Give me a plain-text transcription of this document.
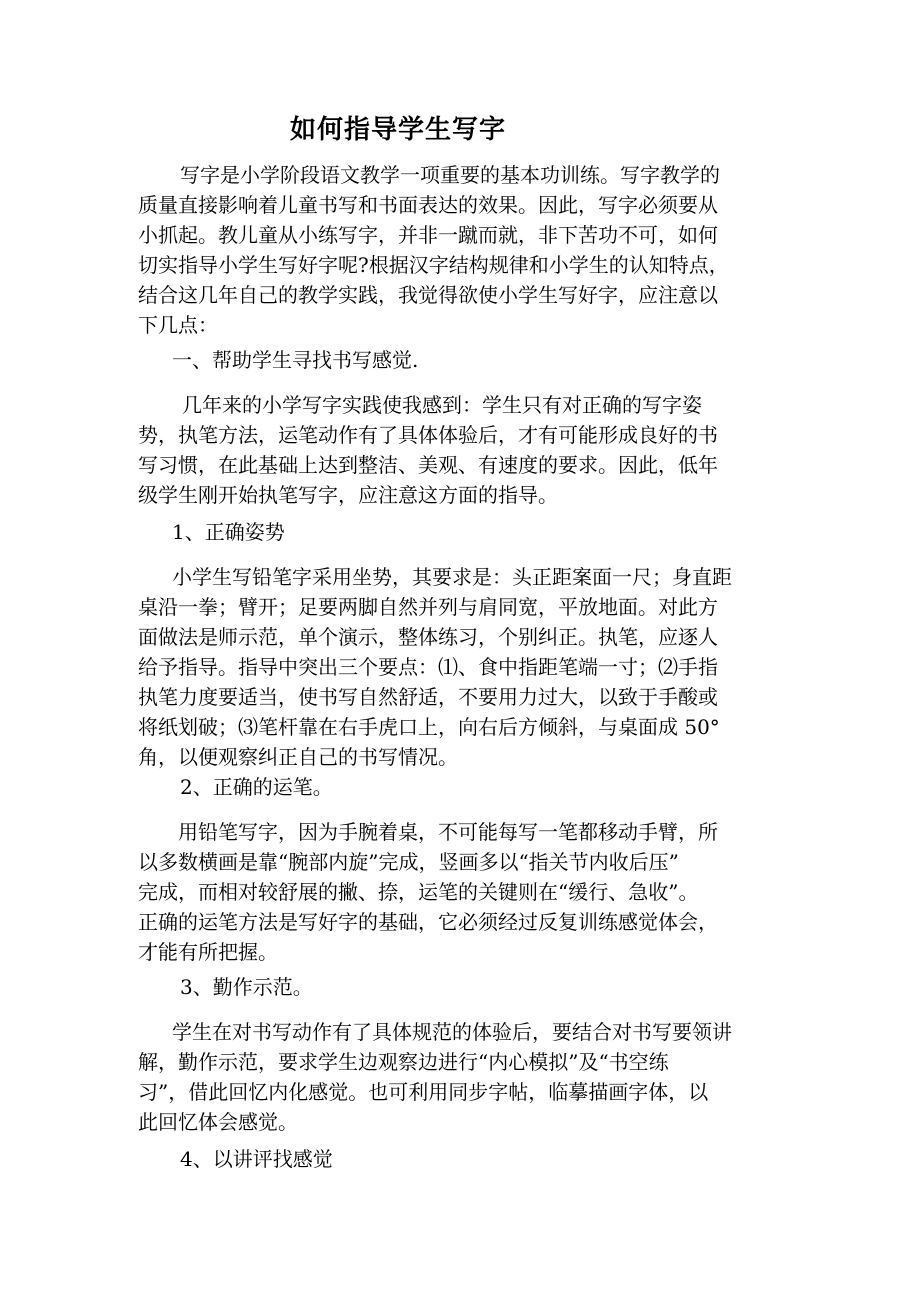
如何指导学生写字

写字是小学阶段语文教学一项重要的基本功训练。写字教学的

质量直接影响着儿童书写和书面表达的效果。因此，写字必须要从

小抓起。教儿童从小练写字，并非一蹴而就，非下苦功不可，如何

切实指导小学生写好字呢?根据汉字结构规律和小学生的认知特点，

结合这几年自己的教学实践，我觉得欲使小学生写好字，应注意以

下几点：

一、帮助学生寻找书写感觉.

几年来的小学写字实践使我感到：学生只有对正确的写字姿

势，执笔方法，运笔动作有了具体体验后，才有可能形成良好的书

写习惯，在此基础上达到整洁、美观、有速度的要求。因此，低年

级学生刚开始执笔写字，应注意这方面的指导。

1、正确姿势

小学生写铅笔字采用坐势，其要求是：头正距案面一尺；身直距

桌沿一拳；臂开；足要两脚自然并列与肩同宽，平放地面。对此方

面做法是师示范，单个演示，整体练习，个别纠正。执笔，应逐人

给予指导。指导中突出三个要点：⑴、食中指距笔端一寸；⑵手指

执笔力度要适当，使书写自然舒适，不要用力过大，以致于手酸或

将纸划破；⑶笔杆靠在右手虎口上，向右后方倾斜，与桌面成 50°

角，以便观察纠正自己的书写情况。

2、正确的运笔。

用铅笔写字，因为手腕着桌，不可能每写一笔都移动手臂，所

以多数横画是靠“腕部内旋”完成，竖画多以“指关节内收后压”

完成，而相对较舒展的撇、捺，运笔的关键则在“缓行、急收”。

正确的运笔方法是写好字的基础，它必须经过反复训练感觉体会，

才能有所把握。

3、勤作示范。

学生在对书写动作有了具体规范的体验后，要结合对书写要领讲

解，勤作示范，要求学生边观察边进行“内心模拟”及“书空练

习”，借此回忆内化感觉。也可利用同步字帖，临摹描画字体，以

此回忆体会感觉。

4、以讲评找感觉
